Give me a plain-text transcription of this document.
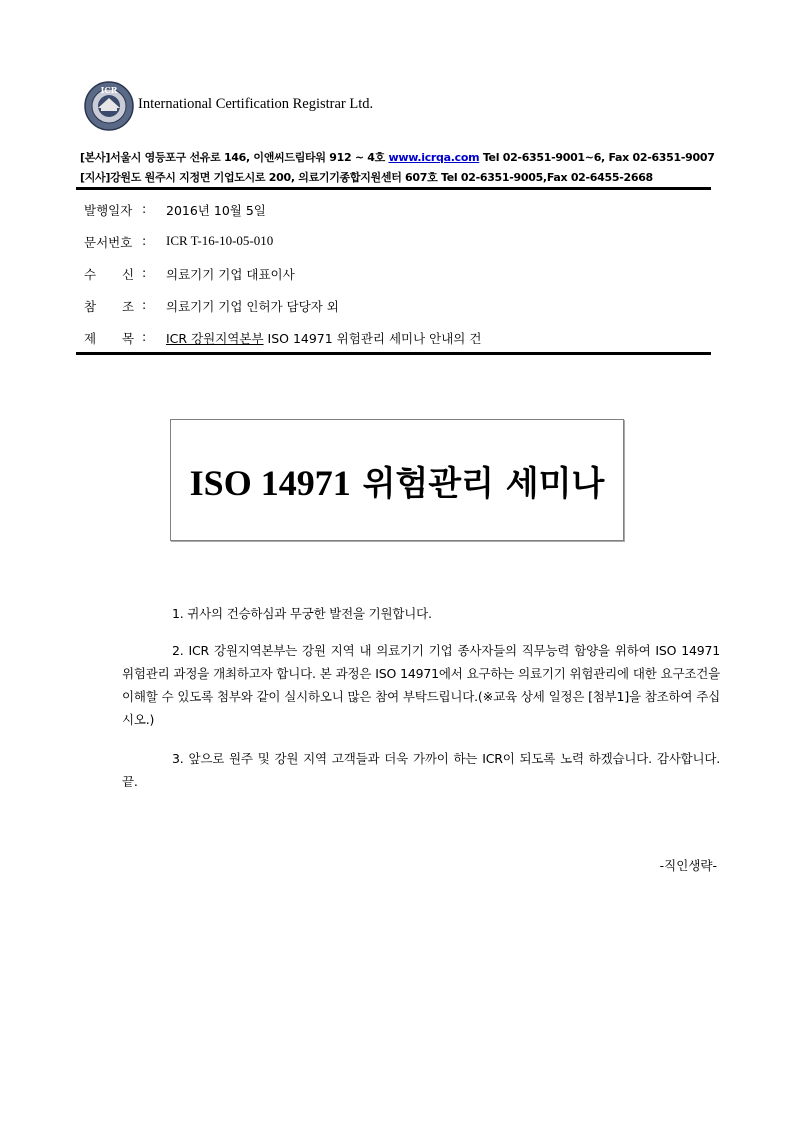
ICR
International Certification Registrar Ltd.
[본사]서울시 영등포구 선유로 146, 이앤씨드림타워 912 ~ 4호 www.icrqa.com Tel 02-6351-9001~6, Fax 02-6351-9007
[지사]강원도 원주시 지정면 기업도시로 200, 의료기기종합지원센터 607호 Tel 02-6351-9005,Fax 02-6455-2668
발행일자 : 2016년 10월 5일
문서번호 : ICR T-16-10-05-010
수 신 : 의료기기 기업 대표이사
참 조 : 의료기기 기업 인허가 담당자 외
제 목 : ICR 강원지역본부 ISO 14971 위험관리 세미나 안내의 건
ISO 14971 위험관리 세미나

1. 귀사의 건승하심과 무궁한 발전을 기원합니다.

2. ICR 강원지역본부는 강원 지역 내 의료기기 기업 종사자들의 직무능력 함양을 위하여 ISO 14971 위험관리 과정을 개최하고자 합니다. 본 과정은 ISO 14971에서 요구하는 의료기기 위험관리에 대한 요구조건을 이해할 수 있도록 첨부와 같이 실시하오니 많은 참여 부탁드립니다.(※교육 상세 일정은 [첨부1]을 참조하여 주십시오.)

3. 앞으로 원주 및 강원 지역 고객들과 더욱 가까이 하는 ICR이 되도록 노력 하겠습니다. 감사합니다. 끝.

-직인생략-
